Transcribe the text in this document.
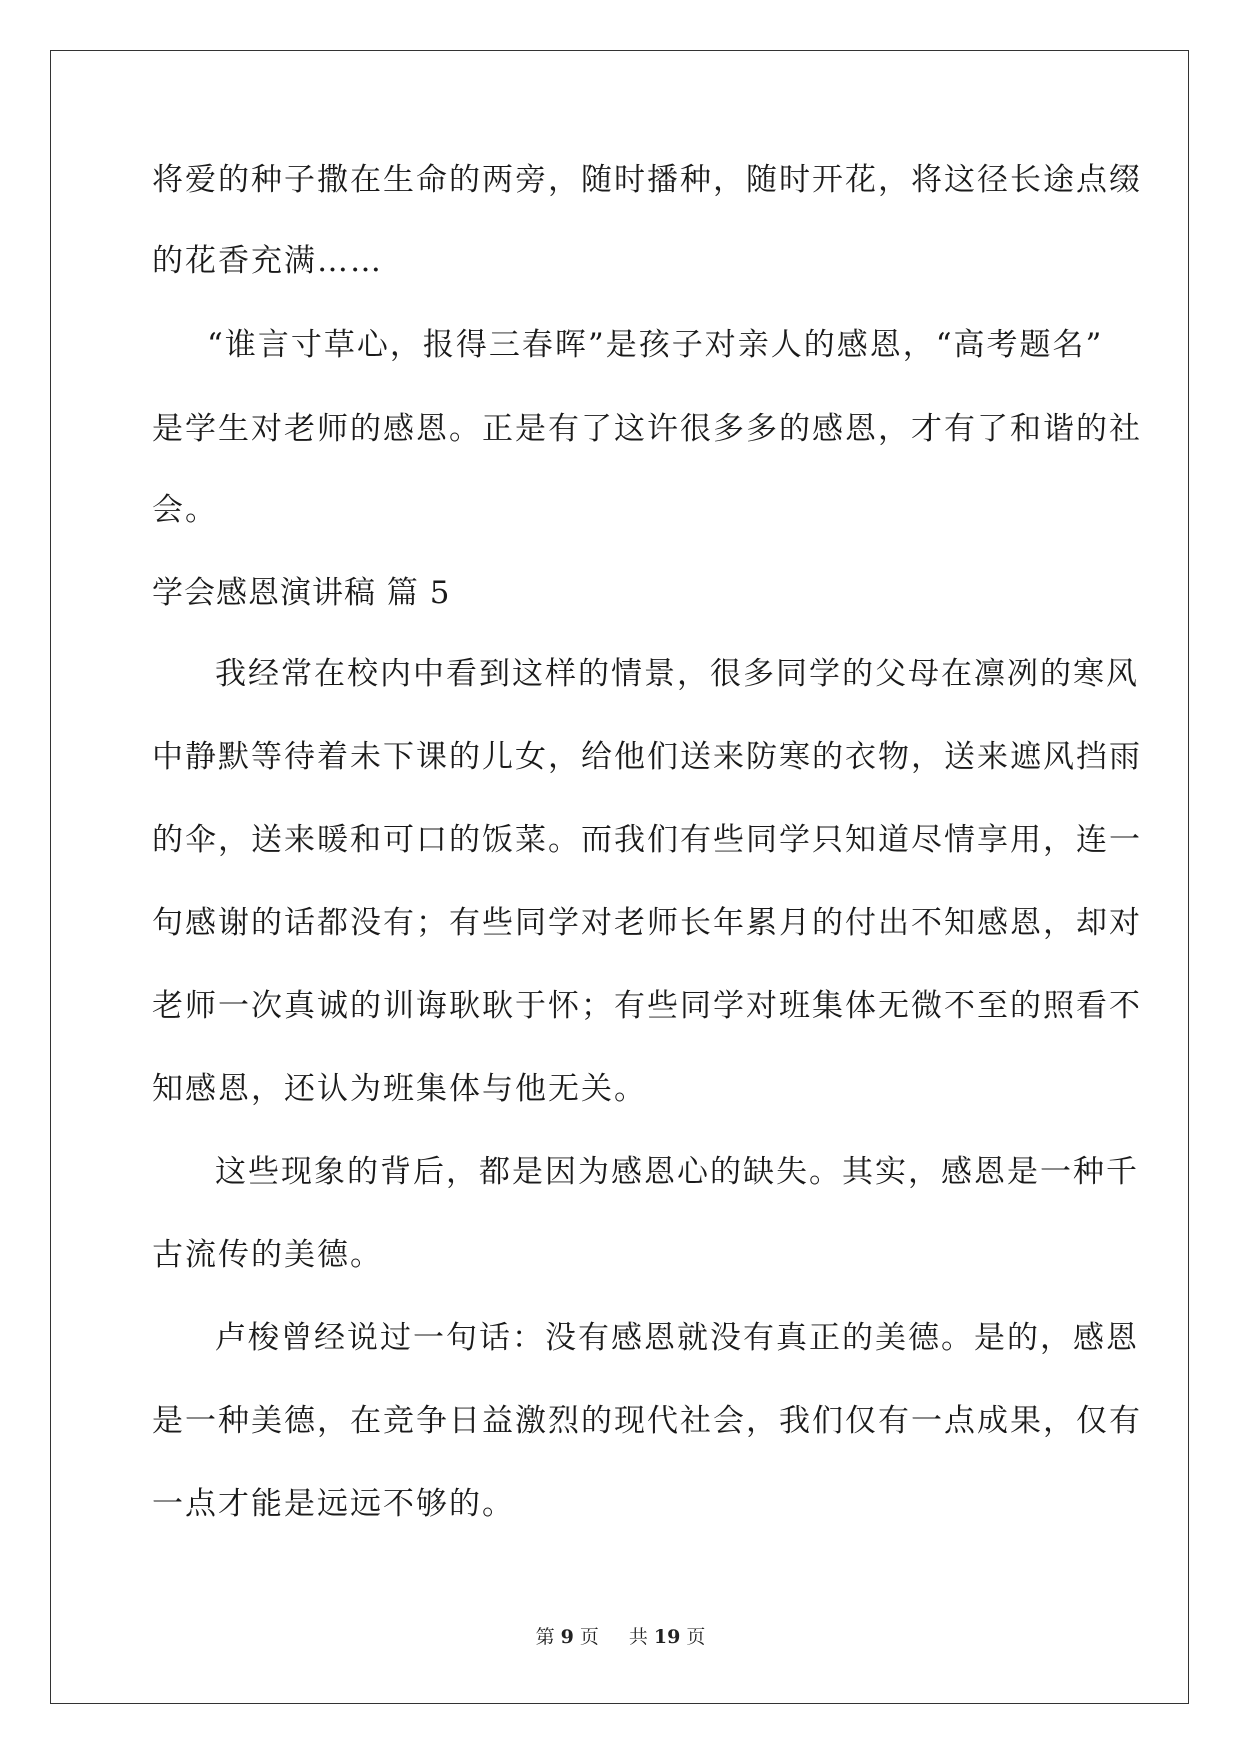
将爱的种子撒在生命的两旁，随时播种，随时开花，将这径长途点缀

的花香充满……

“谁言寸草心，报得三春晖”是孩子对亲人的感恩，“高考题名”

是学生对老师的感恩。正是有了这许很多多的感恩，才有了和谐的社

会。

学会感恩演讲稿 篇 5

我经常在校内中看到这样的情景，很多同学的父母在凛冽的寒风

中静默等待着未下课的儿女，给他们送来防寒的衣物，送来遮风挡雨

的伞，送来暖和可口的饭菜。而我们有些同学只知道尽情享用，连一

句感谢的话都没有；有些同学对老师长年累月的付出不知感恩，却对

老师一次真诚的训诲耿耿于怀；有些同学对班集体无微不至的照看不

知感恩，还认为班集体与他无关。

这些现象的背后，都是因为感恩心的缺失。其实，感恩是一种千

古流传的美德。

卢梭曾经说过一句话：没有感恩就没有真正的美德。是的，感恩

是一种美德，在竞争日益激烈的现代社会，我们仅有一点成果，仅有

一点才能是远远不够的。

第 9 页 共 19 页
